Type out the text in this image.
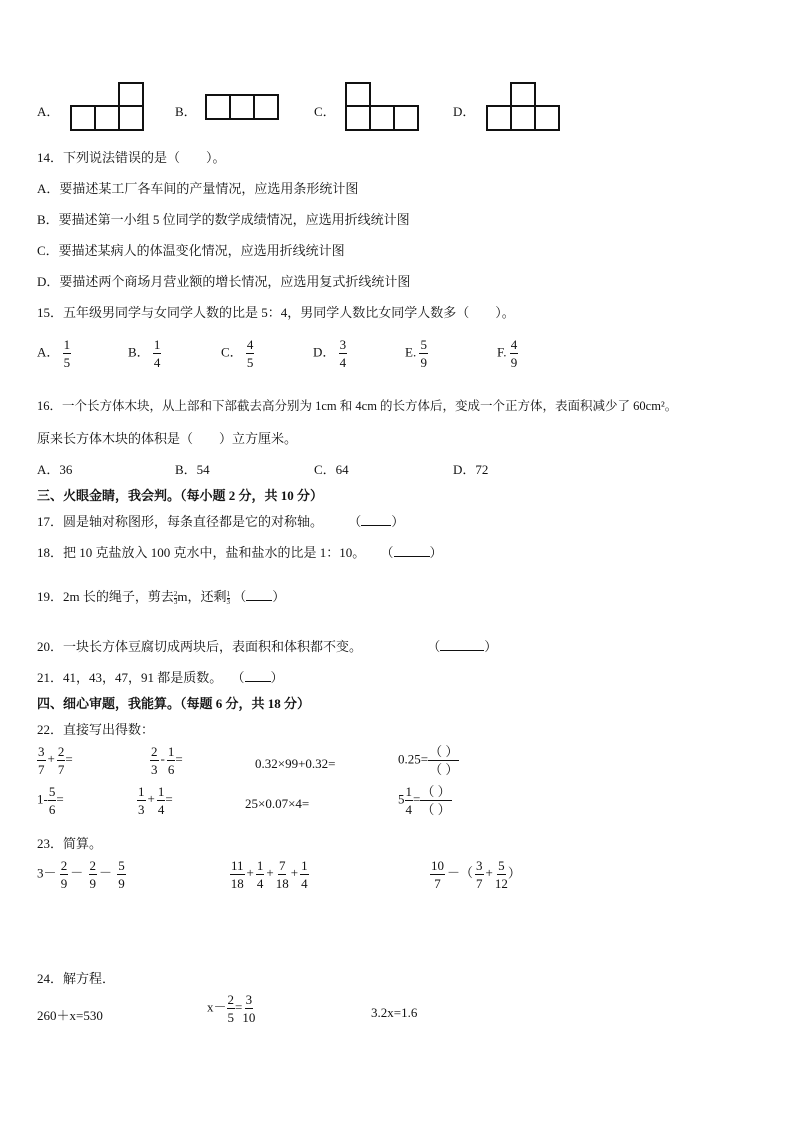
A．	B．	C．	D．
14．下列说法错误的是（　　）。
A．要描述某工厂各车间的产量情况，应选用条形统计图
B．要描述第一小组 5 位同学的数学成绩情况，应选用折线统计图
C．要描述某病人的体温变化情况，应选用折线统计图
D．要描述两个商场月营业额的增长情况，应选用复式折线统计图
15．五年级男同学与女同学人数的比是 5：4，男同学人数比女同学人数多（　　）。
A． $\frac{1}{5}$	B． $\frac{1}{4}$	C． $\frac{4}{5}$	D． $\frac{3}{4}$	E. $\frac{5}{9}$	F. $\frac{4}{9}$
16．一个长方体木块，从上部和下部截去高分别为 1cm 和 4cm 的长方体后，变成一个正方体，表面积减少了 60cm²。
原来长方体木块的体积是（　　）立方厘米。
A．36	B．54	C．64	D．72
三、火眼金睛，我会判。（每小题 2 分，共 10 分）
17．圆是轴对称图形，每条直径都是它的对称轴。 （ ）
18．把 10 克盐放入 100 克水中，盐和盐水的比是 1：10。 （	）
19．2m 长的绳子，剪去 $\frac{2}{3}$ m，还剩 $\frac{1}{3}$ （ ）
20．一块长方体豆腐切成两块后，表面积和体积都不变。	（	）
21．41，43，47，91 都是质数。 （ ）
四、细心审题，我能算。（每题 6 分，共 18 分）
22．直接写出得数：
$\frac{3}{7} + \frac{2}{7}$ =	$\frac{2}{3} - \frac{1}{6}$ =	0.32×99+0.32=	$0.25= \frac{( )}{( )}$
$1- \frac{5}{6}$ =	$\frac{1}{3} + \frac{1}{4}$ =	25×0.07×4=	$5 \frac{1}{4} = \frac{( )}{( )}$
23．简算。
$3- \frac{2}{9} - \frac{2}{9} - \frac{5}{9}$	$\frac{11}{18} + \frac{1}{4} + \frac{7}{18} + \frac{1}{4}$	$\frac{10}{7}$ －（ $\frac{3}{7} + \frac{5}{12}$ ）
24．解方程．
260＋x=530
$x- \frac{2}{5} = \frac{3}{10}$	3.2x=1.6
